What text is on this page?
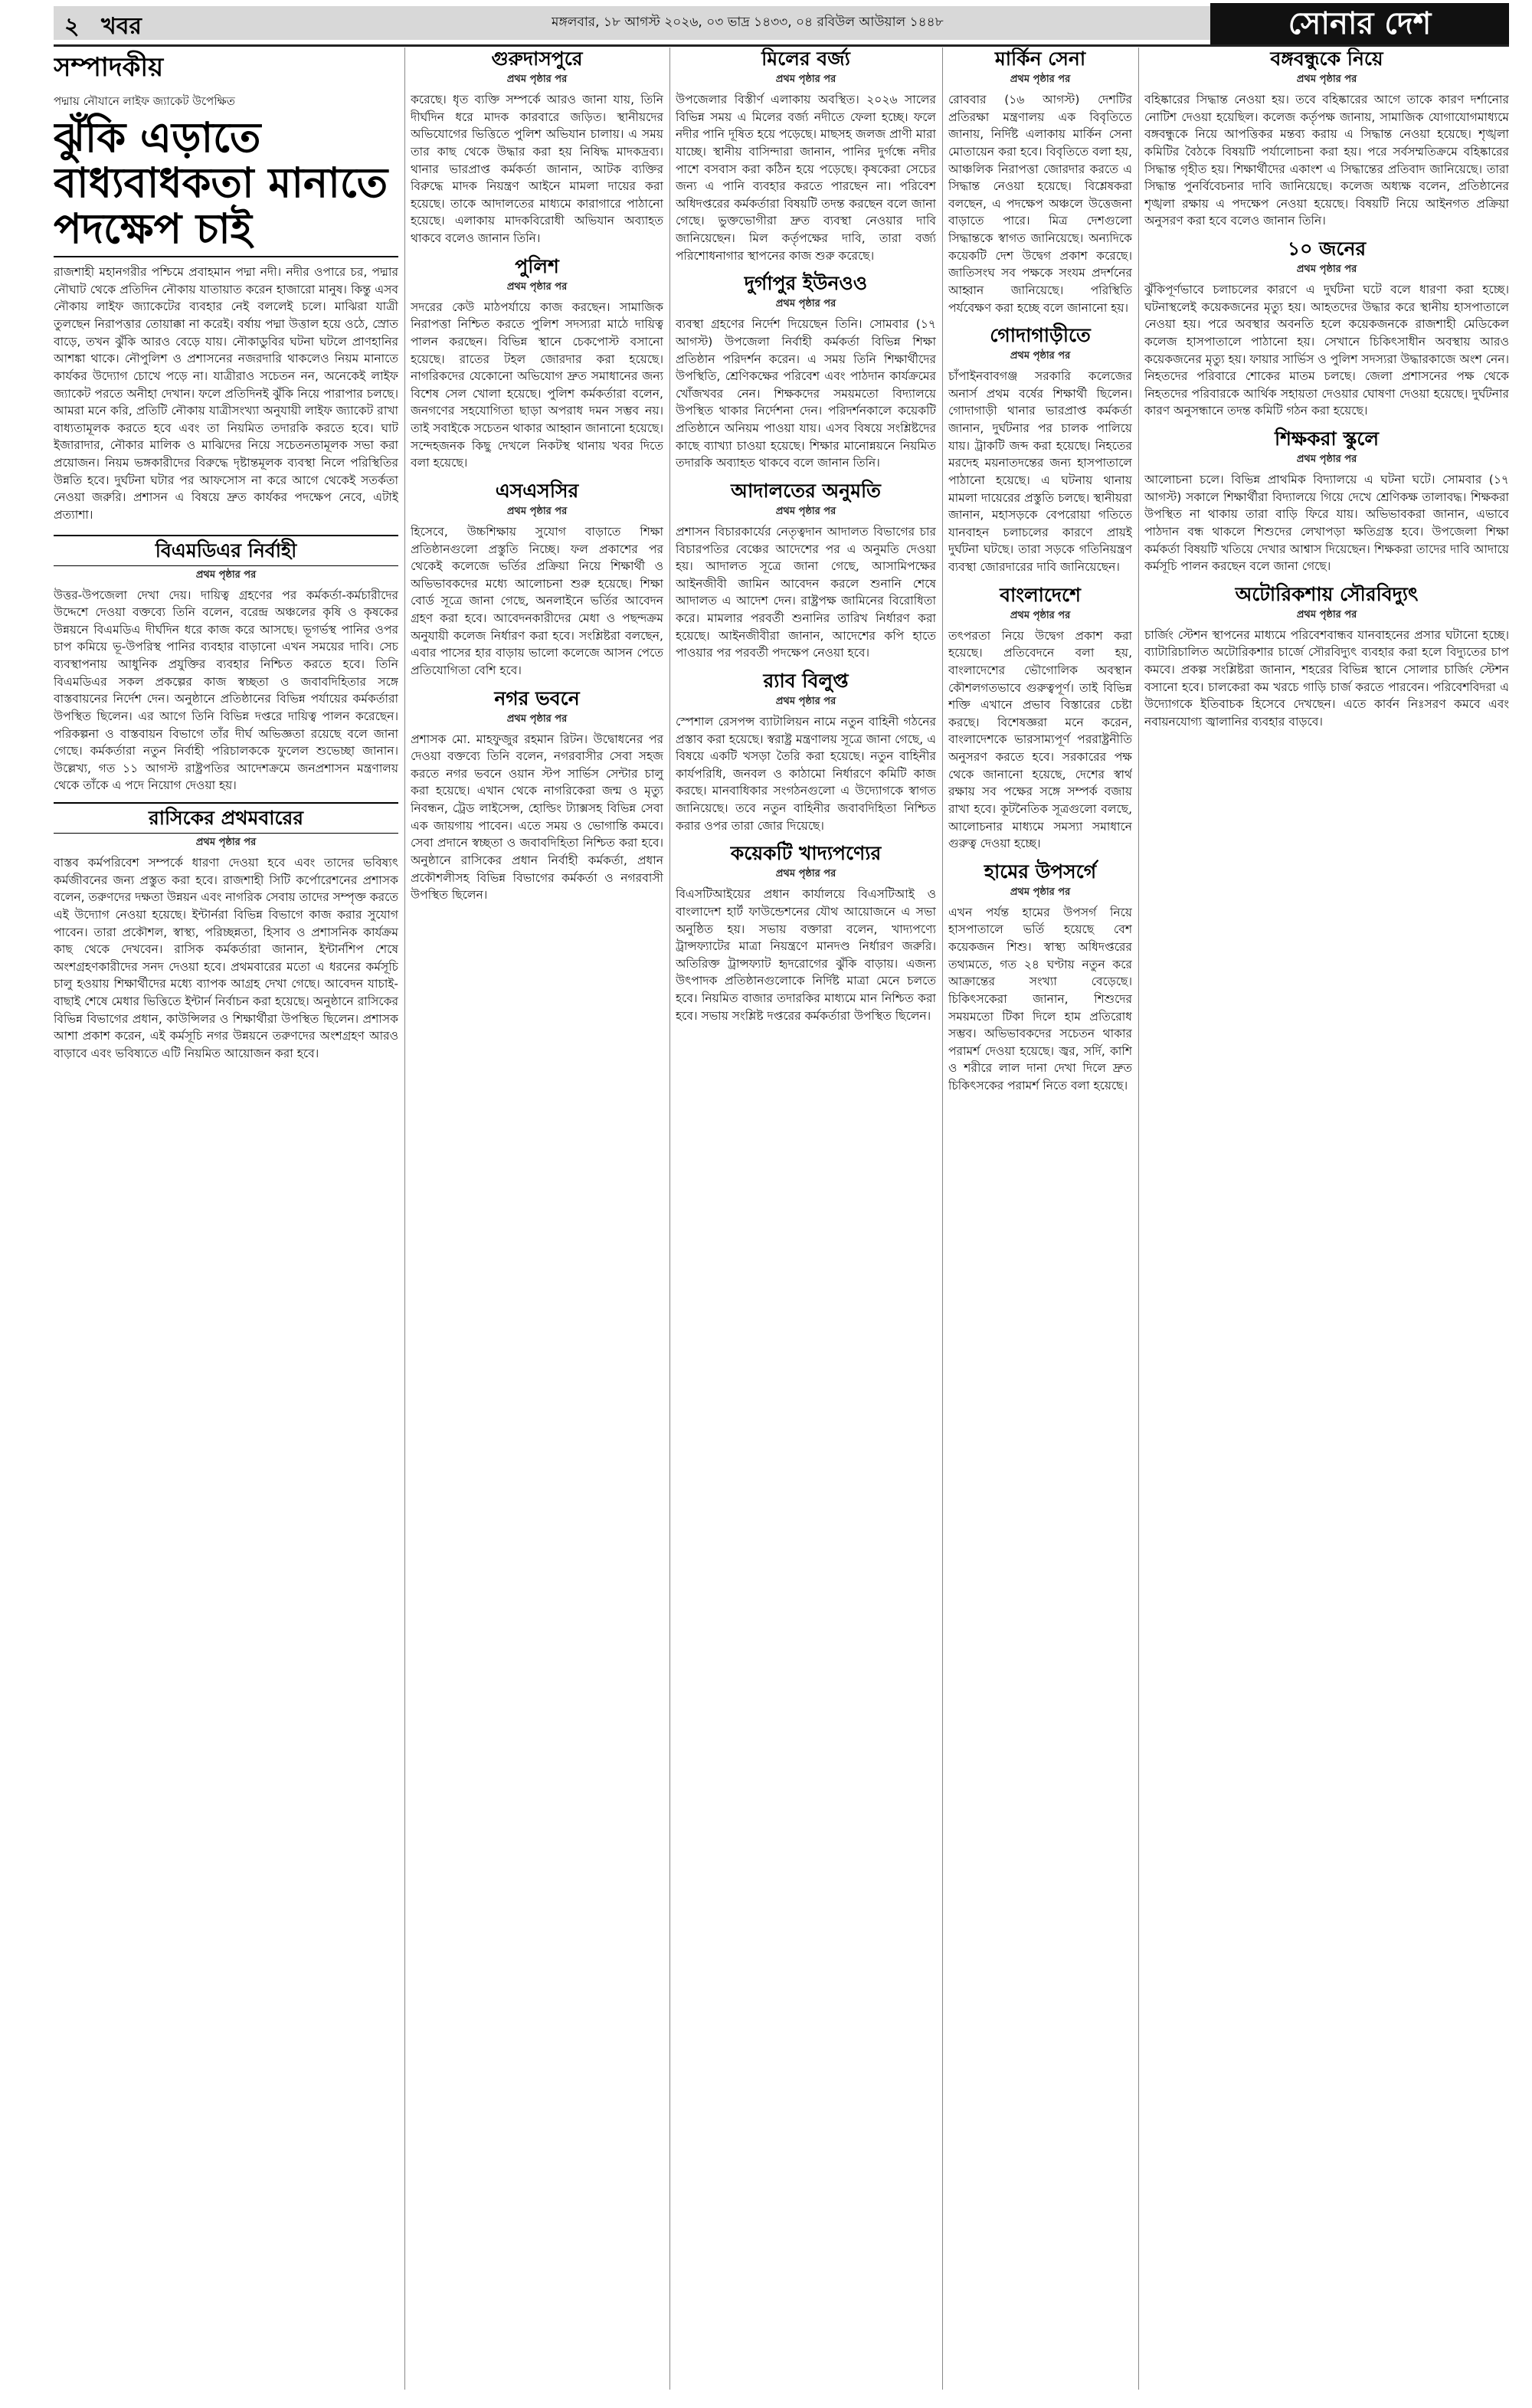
২ খবর	মঙ্গলবার, ১৮ আগস্ট ২০২৬, ০৩ ভাদ্র ১৪৩৩, ০৪ রবিউল আউয়াল ১৪৪৮	সোনার দেশ
সম্পাদকীয়
পদ্মায় নৌযানে লাইফ জ্যাকেট উপেক্ষিত
ঝুঁকি এড়াতে বাধ্যবাধকতা মানাতে পদক্ষেপ চাই
রাজশাহী মহানগরীর পশ্চিমে প্রবাহমান পদ্মা নদী। নদীর ওপারে চর, পদ্মার নৌঘাট থেকে প্রতিদিন নৌকায় যাতায়াত করেন হাজারো মানুষ। কিন্তু এসব নৌকায় লাইফ জ্যাকেটের ব্যবহার নেই বললেই চলে। মাঝিরা যাত্রী তুলছেন নিরাপত্তার তোয়াক্কা না করেই। বর্ষায় পদ্মা উত্তাল হয়ে ওঠে, স্রোত বাড়ে, তখন ঝুঁকি আরও বেড়ে যায়। নৌকাডুবির ঘটনা ঘটলে প্রাণহানির আশঙ্কা থাকে। নৌপুলিশ ও প্রশাসনের নজরদারি থাকলেও নিয়ম মানাতে কার্যকর উদ্যোগ চোখে পড়ে না। যাত্রীরাও সচেতন নন, অনেকেই লাইফ জ্যাকেট পরতে অনীহা দেখান। ফলে প্রতিদিনই ঝুঁকি নিয়ে পারাপার চলছে। আমরা মনে করি, প্রতিটি নৌকায় যাত্রীসংখ্যা অনুযায়ী লাইফ জ্যাকেট রাখা বাধ্যতামূলক করতে হবে এবং তা নিয়মিত তদারকি করতে হবে। ঘাট ইজারাদার, নৌকার মালিক ও মাঝিদের নিয়ে সচেতনতামূলক সভা করা প্রয়োজন। নিয়ম ভঙ্গকারীদের বিরুদ্ধে দৃষ্টান্তমূলক ব্যবস্থা নিলে পরিস্থিতির উন্নতি হবে। দুর্ঘটনা ঘটার পর আফসোস না করে আগে থেকেই সতর্কতা নেওয়া জরুরি। প্রশাসন এ বিষয়ে দ্রুত কার্যকর পদক্ষেপ নেবে, এটাই প্রত্যাশা।
বিএমডিএর নির্বাহী
প্রথম পৃষ্ঠার পর
উত্তর-উপজেলা দেখা দেয়। দায়িত্ব গ্রহণের পর কর্মকর্তা-কর্মচারীদের উদ্দেশে দেওয়া বক্তব্যে তিনি বলেন, বরেন্দ্র অঞ্চলের কৃষি ও কৃষকের উন্নয়নে বিএমডিএ দীর্ঘদিন ধরে কাজ করে আসছে। ভূগর্ভস্থ পানির ওপর চাপ কমিয়ে ভূ-উপরিস্থ পানির ব্যবহার বাড়ানো এখন সময়ের দাবি। সেচ ব্যবস্থাপনায় আধুনিক প্রযুক্তির ব্যবহার নিশ্চিত করতে হবে। তিনি বিএমডিএর সকল প্রকল্পের কাজ স্বচ্ছতা ও জবাবদিহিতার সঙ্গে বাস্তবায়নের নির্দেশ দেন। অনুষ্ঠানে প্রতিষ্ঠানের বিভিন্ন পর্যায়ের কর্মকর্তারা উপস্থিত ছিলেন। এর আগে তিনি বিভিন্ন দপ্তরে দায়িত্ব পালন করেছেন। পরিকল্পনা ও বাস্তবায়ন বিভাগে তাঁর দীর্ঘ অভিজ্ঞতা রয়েছে বলে জানা গেছে। কর্মকর্তারা নতুন নির্বাহী পরিচালককে ফুলেল শুভেচ্ছা জানান। উল্লেখ্য, গত ১১ আগস্ট রাষ্ট্রপতির আদেশক্রমে জনপ্রশাসন মন্ত্রণালয় থেকে তাঁকে এ পদে নিয়োগ দেওয়া হয়।
রাসিকের প্রথমবারের
প্রথম পৃষ্ঠার পর
বাস্তব কর্মপরিবেশ সম্পর্কে ধারণা দেওয়া হবে এবং তাদের ভবিষ্যৎ কর্মজীবনের জন্য প্রস্তুত করা হবে। রাজশাহী সিটি কর্পোরেশনের প্রশাসক বলেন, তরুণদের দক্ষতা উন্নয়ন এবং নাগরিক সেবায় তাদের সম্পৃক্ত করতে এই উদ্যোগ নেওয়া হয়েছে। ইন্টার্নরা বিভিন্ন বিভাগে কাজ করার সুযোগ পাবেন। তারা প্রকৌশল, স্বাস্থ্য, পরিচ্ছন্নতা, হিসাব ও প্রশাসনিক কার্যক্রম কাছ থেকে দেখবেন। রাসিক কর্মকর্তারা জানান, ইন্টার্নশিপ শেষে অংশগ্রহণকারীদের সনদ দেওয়া হবে। প্রথমবারের মতো এ ধরনের কর্মসূচি চালু হওয়ায় শিক্ষার্থীদের মধ্যে ব্যাপক আগ্রহ দেখা গেছে। আবেদন যাচাই-বাছাই শেষে মেধার ভিত্তিতে ইন্টার্ন নির্বাচন করা হয়েছে। অনুষ্ঠানে রাসিকের বিভিন্ন বিভাগের প্রধান, কাউন্সিলর ও শিক্ষার্থীরা উপস্থিত ছিলেন। প্রশাসক আশা প্রকাশ করেন, এই কর্মসূচি নগর উন্নয়নে তরুণদের অংশগ্রহণ আরও বাড়াবে এবং ভবিষ্যতে এটি নিয়মিত আয়োজন করা হবে।
গুরুদাসপুরে
প্রথম পৃষ্ঠার পর
করেছে। ধৃত ব্যক্তি সম্পর্কে আরও জানা যায়, তিনি দীর্ঘদিন ধরে মাদক কারবারে জড়িত। স্থানীয়দের অভিযোগের ভিত্তিতে পুলিশ অভিযান চালায়। এ সময় তার কাছ থেকে উদ্ধার করা হয় নিষিদ্ধ মাদকদ্রব্য। থানার ভারপ্রাপ্ত কর্মকর্তা জানান, আটক ব্যক্তির বিরুদ্ধে মাদক নিয়ন্ত্রণ আইনে মামলা দায়ের করা হয়েছে। তাকে আদালতের মাধ্যমে কারাগারে পাঠানো হয়েছে। এলাকায় মাদকবিরোধী অভিযান অব্যাহত থাকবে বলেও জানান তিনি।
পুলিশ
প্রথম পৃষ্ঠার পর
সদরের কেউ মাঠপর্যায়ে কাজ করছেন। সামাজিক নিরাপত্তা নিশ্চিত করতে পুলিশ সদস্যরা মাঠে দায়িত্ব পালন করছেন। বিভিন্ন স্থানে চেকপোস্ট বসানো হয়েছে। রাতের টহল জোরদার করা হয়েছে। নাগরিকদের যেকোনো অভিযোগ দ্রুত সমাধানের জন্য বিশেষ সেল খোলা হয়েছে। পুলিশ কর্মকর্তারা বলেন, জনগণের সহযোগিতা ছাড়া অপরাধ দমন সম্ভব নয়। তাই সবাইকে সচেতন থাকার আহ্বান জানানো হয়েছে। সন্দেহজনক কিছু দেখলে নিকটস্থ থানায় খবর দিতে বলা হয়েছে।
এসএসসির
প্রথম পৃষ্ঠার পর
হিসেবে, উচ্চশিক্ষায় সুযোগ বাড়াতে শিক্ষা প্রতিষ্ঠানগুলো প্রস্তুতি নিচ্ছে। ফল প্রকাশের পর থেকেই কলেজে ভর্তির প্রক্রিয়া নিয়ে শিক্ষার্থী ও অভিভাবকদের মধ্যে আলোচনা শুরু হয়েছে। শিক্ষা বোর্ড সূত্রে জানা গেছে, অনলাইনে ভর্তির আবেদন গ্রহণ করা হবে। আবেদনকারীদের মেধা ও পছন্দক্রম অনুযায়ী কলেজ নির্ধারণ করা হবে। সংশ্লিষ্টরা বলছেন, এবার পাসের হার বাড়ায় ভালো কলেজে আসন পেতে প্রতিযোগিতা বেশি হবে।
নগর ভবনে
প্রথম পৃষ্ঠার পর
প্রশাসক মো. মাহফুজুর রহমান রিটন। উদ্বোধনের পর দেওয়া বক্তব্যে তিনি বলেন, নগরবাসীর সেবা সহজ করতে নগর ভবনে ওয়ান স্টপ সার্ভিস সেন্টার চালু করা হয়েছে। এখান থেকে নাগরিকেরা জন্ম ও মৃত্যু নিবন্ধন, ট্রেড লাইসেন্স, হোল্ডিং ট্যাক্সসহ বিভিন্ন সেবা এক জায়গায় পাবেন। এতে সময় ও ভোগান্তি কমবে। সেবা প্রদানে স্বচ্ছতা ও জবাবদিহিতা নিশ্চিত করা হবে। অনুষ্ঠানে রাসিকের প্রধান নির্বাহী কর্মকর্তা, প্রধান প্রকৌশলীসহ বিভিন্ন বিভাগের কর্মকর্তা ও নগরবাসী উপস্থিত ছিলেন।
মিলের বর্জ্য
প্রথম পৃষ্ঠার পর
উপজেলার বিস্তীর্ণ এলাকায় অবস্থিত। ২০২৬ সালের বিভিন্ন সময় এ মিলের বর্জ্য নদীতে ফেলা হচ্ছে। ফলে নদীর পানি দূষিত হয়ে পড়েছে। মাছসহ জলজ প্রাণী মারা যাচ্ছে। স্থানীয় বাসিন্দারা জানান, পানির দুর্গন্ধে নদীর পাশে বসবাস করা কঠিন হয়ে পড়েছে। কৃষকেরা সেচের জন্য এ পানি ব্যবহার করতে পারছেন না। পরিবেশ অধিদপ্তরের কর্মকর্তারা বিষয়টি তদন্ত করছেন বলে জানা গেছে। ভুক্তভোগীরা দ্রুত ব্যবস্থা নেওয়ার দাবি জানিয়েছেন। মিল কর্তৃপক্ষের দাবি, তারা বর্জ্য পরিশোধনাগার স্থাপনের কাজ শুরু করেছে।
দুর্গাপুর ইউনওও
প্রথম পৃষ্ঠার পর
ব্যবস্থা গ্রহণের নির্দেশ দিয়েছেন তিনি। সোমবার (১৭ আগস্ট) উপজেলা নির্বাহী কর্মকর্তা বিভিন্ন শিক্ষা প্রতিষ্ঠান পরিদর্শন করেন। এ সময় তিনি শিক্ষার্থীদের উপস্থিতি, শ্রেণিকক্ষের পরিবেশ এবং পাঠদান কার্যক্রমের খোঁজখবর নেন। শিক্ষকদের সময়মতো বিদ্যালয়ে উপস্থিত থাকার নির্দেশনা দেন। পরিদর্শনকালে কয়েকটি প্রতিষ্ঠানে অনিয়ম পাওয়া যায়। এসব বিষয়ে সংশ্লিষ্টদের কাছে ব্যাখ্যা চাওয়া হয়েছে। শিক্ষার মানোন্নয়নে নিয়মিত তদারকি অব্যাহত থাকবে বলে জানান তিনি।
আদালতের অনুমতি
প্রথম পৃষ্ঠার পর
প্রশাসন বিচারকার্যের নেতৃত্বদান আদালত বিভাগের চার বিচারপতির বেঞ্চের আদেশের পর এ অনুমতি দেওয়া হয়। আদালত সূত্রে জানা গেছে, আসামিপক্ষের আইনজীবী জামিন আবেদন করলে শুনানি শেষে আদালত এ আদেশ দেন। রাষ্ট্রপক্ষ জামিনের বিরোধিতা করে। মামলার পরবর্তী শুনানির তারিখ নির্ধারণ করা হয়েছে। আইনজীবীরা জানান, আদেশের কপি হাতে পাওয়ার পর পরবর্তী পদক্ষেপ নেওয়া হবে।
র‌্যাব বিলুপ্ত
প্রথম পৃষ্ঠার পর
স্পেশাল রেসপন্স ব্যাটালিয়ন নামে নতুন বাহিনী গঠনের প্রস্তাব করা হয়েছে। স্বরাষ্ট্র মন্ত্রণালয় সূত্রে জানা গেছে, এ বিষয়ে একটি খসড়া তৈরি করা হয়েছে। নতুন বাহিনীর কার্যপরিধি, জনবল ও কাঠামো নির্ধারণে কমিটি কাজ করছে। মানবাধিকার সংগঠনগুলো এ উদ্যোগকে স্বাগত জানিয়েছে। তবে নতুন বাহিনীর জবাবদিহিতা নিশ্চিত করার ওপর তারা জোর দিয়েছে।
কয়েকটি খাদ্যপণ্যের
প্রথম পৃষ্ঠার পর
বিএসটিআইয়ের প্রধান কার্যালয়ে বিএসটিআই ও বাংলাদেশ হার্ট ফাউন্ডেশনের যৌথ আয়োজনে এ সভা অনুষ্ঠিত হয়। সভায় বক্তারা বলেন, খাদ্যপণ্যে ট্রান্সফ্যাটের মাত্রা নিয়ন্ত্রণে মানদণ্ড নির্ধারণ জরুরি। অতিরিক্ত ট্রান্সফ্যাট হৃদরোগের ঝুঁকি বাড়ায়। এজন্য উৎপাদক প্রতিষ্ঠানগুলোকে নির্দিষ্ট মাত্রা মেনে চলতে হবে। নিয়মিত বাজার তদারকির মাধ্যমে মান নিশ্চিত করা হবে। সভায় সংশ্লিষ্ট দপ্তরের কর্মকর্তারা উপস্থিত ছিলেন।
মার্কিন সেনা
প্রথম পৃষ্ঠার পর
রোববার (১৬ আগস্ট) দেশটির প্রতিরক্ষা মন্ত্রণালয় এক বিবৃতিতে জানায়, নির্দিষ্ট এলাকায় মার্কিন সেনা মোতায়েন করা হবে। বিবৃতিতে বলা হয়, আঞ্চলিক নিরাপত্তা জোরদার করতে এ সিদ্ধান্ত নেওয়া হয়েছে। বিশ্লেষকরা বলছেন, এ পদক্ষেপ অঞ্চলে উত্তেজনা বাড়াতে পারে। মিত্র দেশগুলো সিদ্ধান্তকে স্বাগত জানিয়েছে। অন্যদিকে কয়েকটি দেশ উদ্বেগ প্রকাশ করেছে। জাতিসংঘ সব পক্ষকে সংযম প্রদর্শনের আহ্বান জানিয়েছে। পরিস্থিতি পর্যবেক্ষণ করা হচ্ছে বলে জানানো হয়।
গোদাগাড়ীতে
প্রথম পৃষ্ঠার পর
চাঁপাইনবাবগঞ্জ সরকারি কলেজের অনার্স প্রথম বর্ষের শিক্ষার্থী ছিলেন। গোদাগাড়ী থানার ভারপ্রাপ্ত কর্মকর্তা জানান, দুর্ঘটনার পর চালক পালিয়ে যায়। ট্রাকটি জব্দ করা হয়েছে। নিহতের মরদেহ ময়নাতদন্তের জন্য হাসপাতালে পাঠানো হয়েছে। এ ঘটনায় থানায় মামলা দায়েরের প্রস্তুতি চলছে। স্থানীয়রা জানান, মহাসড়কে বেপরোয়া গতিতে যানবাহন চলাচলের কারণে প্রায়ই দুর্ঘটনা ঘটছে। তারা সড়কে গতিনিয়ন্ত্রণ ব্যবস্থা জোরদারের দাবি জানিয়েছেন।
বাংলাদেশে
প্রথম পৃষ্ঠার পর
তৎপরতা নিয়ে উদ্বেগ প্রকাশ করা হয়েছে। প্রতিবেদনে বলা হয়, বাংলাদেশের ভৌগোলিক অবস্থান কৌশলগতভাবে গুরুত্বপূর্ণ। তাই বিভিন্ন শক্তি এখানে প্রভাব বিস্তারের চেষ্টা করছে। বিশেষজ্ঞরা মনে করেন, বাংলাদেশকে ভারসাম্যপূর্ণ পররাষ্ট্রনীতি অনুসরণ করতে হবে। সরকারের পক্ষ থেকে জানানো হয়েছে, দেশের স্বার্থ রক্ষায় সব পক্ষের সঙ্গে সম্পর্ক বজায় রাখা হবে। কূটনৈতিক সূত্রগুলো বলছে, আলোচনার মাধ্যমে সমস্যা সমাধানে গুরুত্ব দেওয়া হচ্ছে।
হামের উপসর্গে
প্রথম পৃষ্ঠার পর
এখন পর্যন্ত হামের উপসর্গ নিয়ে হাসপাতালে ভর্তি হয়েছে বেশ কয়েকজন শিশু। স্বাস্থ্য অধিদপ্তরের তথ্যমতে, গত ২৪ ঘণ্টায় নতুন করে আক্রান্তের সংখ্যা বেড়েছে। চিকিৎসকেরা জানান, শিশুদের সময়মতো টিকা দিলে হাম প্রতিরোধ সম্ভব। অভিভাবকদের সচেতন থাকার পরামর্শ দেওয়া হয়েছে। জ্বর, সর্দি, কাশি ও শরীরে লাল দানা দেখা দিলে দ্রুত চিকিৎসকের পরামর্শ নিতে বলা হয়েছে।
বঙ্গবন্ধুকে নিয়ে
প্রথম পৃষ্ঠার পর
বহিষ্কারের সিদ্ধান্ত নেওয়া হয়। তবে বহিষ্কারের আগে তাকে কারণ দর্শানোর নোটিশ দেওয়া হয়েছিল। কলেজ কর্তৃপক্ষ জানায়, সামাজিক যোগাযোগমাধ্যমে বঙ্গবন্ধুকে নিয়ে আপত্তিকর মন্তব্য করায় এ সিদ্ধান্ত নেওয়া হয়েছে। শৃঙ্খলা কমিটির বৈঠকে বিষয়টি পর্যালোচনা করা হয়। পরে সর্বসম্মতিক্রমে বহিষ্কারের সিদ্ধান্ত গৃহীত হয়। শিক্ষার্থীদের একাংশ এ সিদ্ধান্তের প্রতিবাদ জানিয়েছে। তারা সিদ্ধান্ত পুনর্বিবেচনার দাবি জানিয়েছে। কলেজ অধ্যক্ষ বলেন, প্রতিষ্ঠানের শৃঙ্খলা রক্ষায় এ পদক্ষেপ নেওয়া হয়েছে। বিষয়টি নিয়ে আইনগত প্রক্রিয়া অনুসরণ করা হবে বলেও জানান তিনি।
১০ জনের
প্রথম পৃষ্ঠার পর
ঝুঁকিপূর্ণভাবে চলাচলের কারণে এ দুর্ঘটনা ঘটে বলে ধারণা করা হচ্ছে। ঘটনাস্থলেই কয়েকজনের মৃত্যু হয়। আহতদের উদ্ধার করে স্থানীয় হাসপাতালে নেওয়া হয়। পরে অবস্থার অবনতি হলে কয়েকজনকে রাজশাহী মেডিকেল কলেজ হাসপাতালে পাঠানো হয়। সেখানে চিকিৎসাধীন অবস্থায় আরও কয়েকজনের মৃত্যু হয়। ফায়ার সার্ভিস ও পুলিশ সদস্যরা উদ্ধারকাজে অংশ নেন। নিহতদের পরিবারে শোকের মাতম চলছে। জেলা প্রশাসনের পক্ষ থেকে নিহতদের পরিবারকে আর্থিক সহায়তা দেওয়ার ঘোষণা দেওয়া হয়েছে। দুর্ঘটনার কারণ অনুসন্ধানে তদন্ত কমিটি গঠন করা হয়েছে।
শিক্ষকরা স্কুলে
প্রথম পৃষ্ঠার পর
আলোচনা চলে। বিভিন্ন প্রাথমিক বিদ্যালয়ে এ ঘটনা ঘটে। সোমবার (১৭ আগস্ট) সকালে শিক্ষার্থীরা বিদ্যালয়ে গিয়ে দেখে শ্রেণিকক্ষ তালাবদ্ধ। শিক্ষকরা উপস্থিত না থাকায় তারা বাড়ি ফিরে যায়। অভিভাবকরা জানান, এভাবে পাঠদান বন্ধ থাকলে শিশুদের লেখাপড়া ক্ষতিগ্রস্ত হবে। উপজেলা শিক্ষা কর্মকর্তা বিষয়টি খতিয়ে দেখার আশ্বাস দিয়েছেন। শিক্ষকরা তাদের দাবি আদায়ে কর্মসূচি পালন করছেন বলে জানা গেছে।
অটোরিকশায় সৌরবিদ্যুৎ
প্রথম পৃষ্ঠার পর
চার্জিং স্টেশন স্থাপনের মাধ্যমে পরিবেশবান্ধব যানবাহনের প্রসার ঘটানো হচ্ছে। ব্যাটারিচালিত অটোরিকশার চার্জে সৌরবিদ্যুৎ ব্যবহার করা হলে বিদ্যুতের চাপ কমবে। প্রকল্প সংশ্লিষ্টরা জানান, শহরের বিভিন্ন স্থানে সোলার চার্জিং স্টেশন বসানো হবে। চালকেরা কম খরচে গাড়ি চার্জ করতে পারবেন। পরিবেশবিদরা এ উদ্যোগকে ইতিবাচক হিসেবে দেখছেন। এতে কার্বন নিঃসরণ কমবে এবং নবায়নযোগ্য জ্বালানির ব্যবহার বাড়বে।
